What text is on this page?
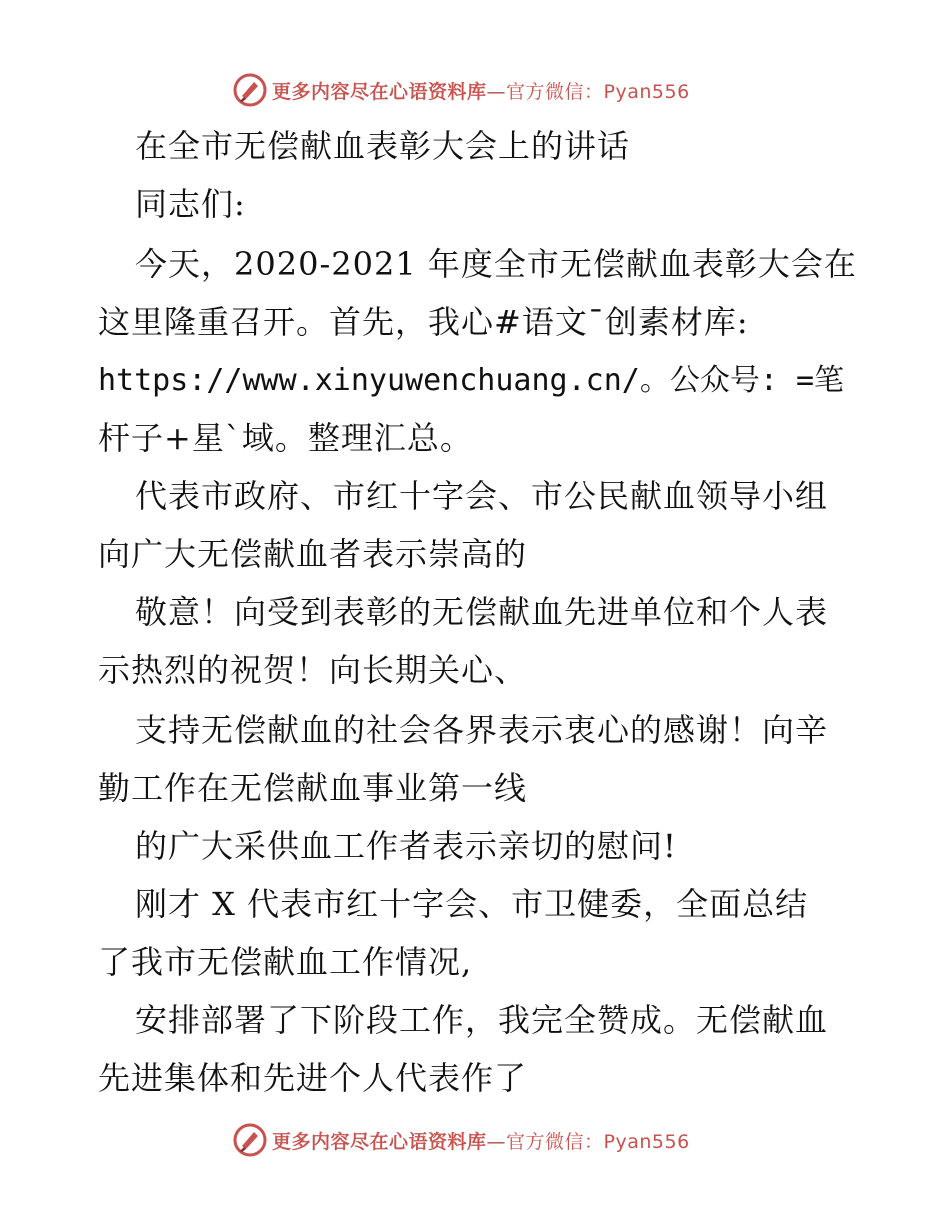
更多内容尽在心语资料库—官方微信：Pyan556
在全市无偿献血表彰大会上的讲话
同志们:
今天，2020-2021 年度全市无偿献血表彰大会在
这里隆重召开。首先，我心#语文¯创素材库:
https://www.xinyuwenchuang.cn/。公众号: =笔
杆子+星`域。整理汇总。
代表市政府、市红十字会、市公民献血领导小组
向广大无偿献血者表示崇高的
敬意！向受到表彰的无偿献血先进单位和个人表
示热烈的祝贺！向长期关心、
支持无偿献血的社会各界表示衷心的感谢！向辛
勤工作在无偿献血事业第一线
的广大采供血工作者表示亲切的慰问!
刚才 X 代表市红十字会、市卫健委，全面总结
了我市无偿献血工作情况,
安排部署了下阶段工作，我完全赞成。无偿献血
先进集体和先进个人代表作了
更多内容尽在心语资料库—官方微信：Pyan556
